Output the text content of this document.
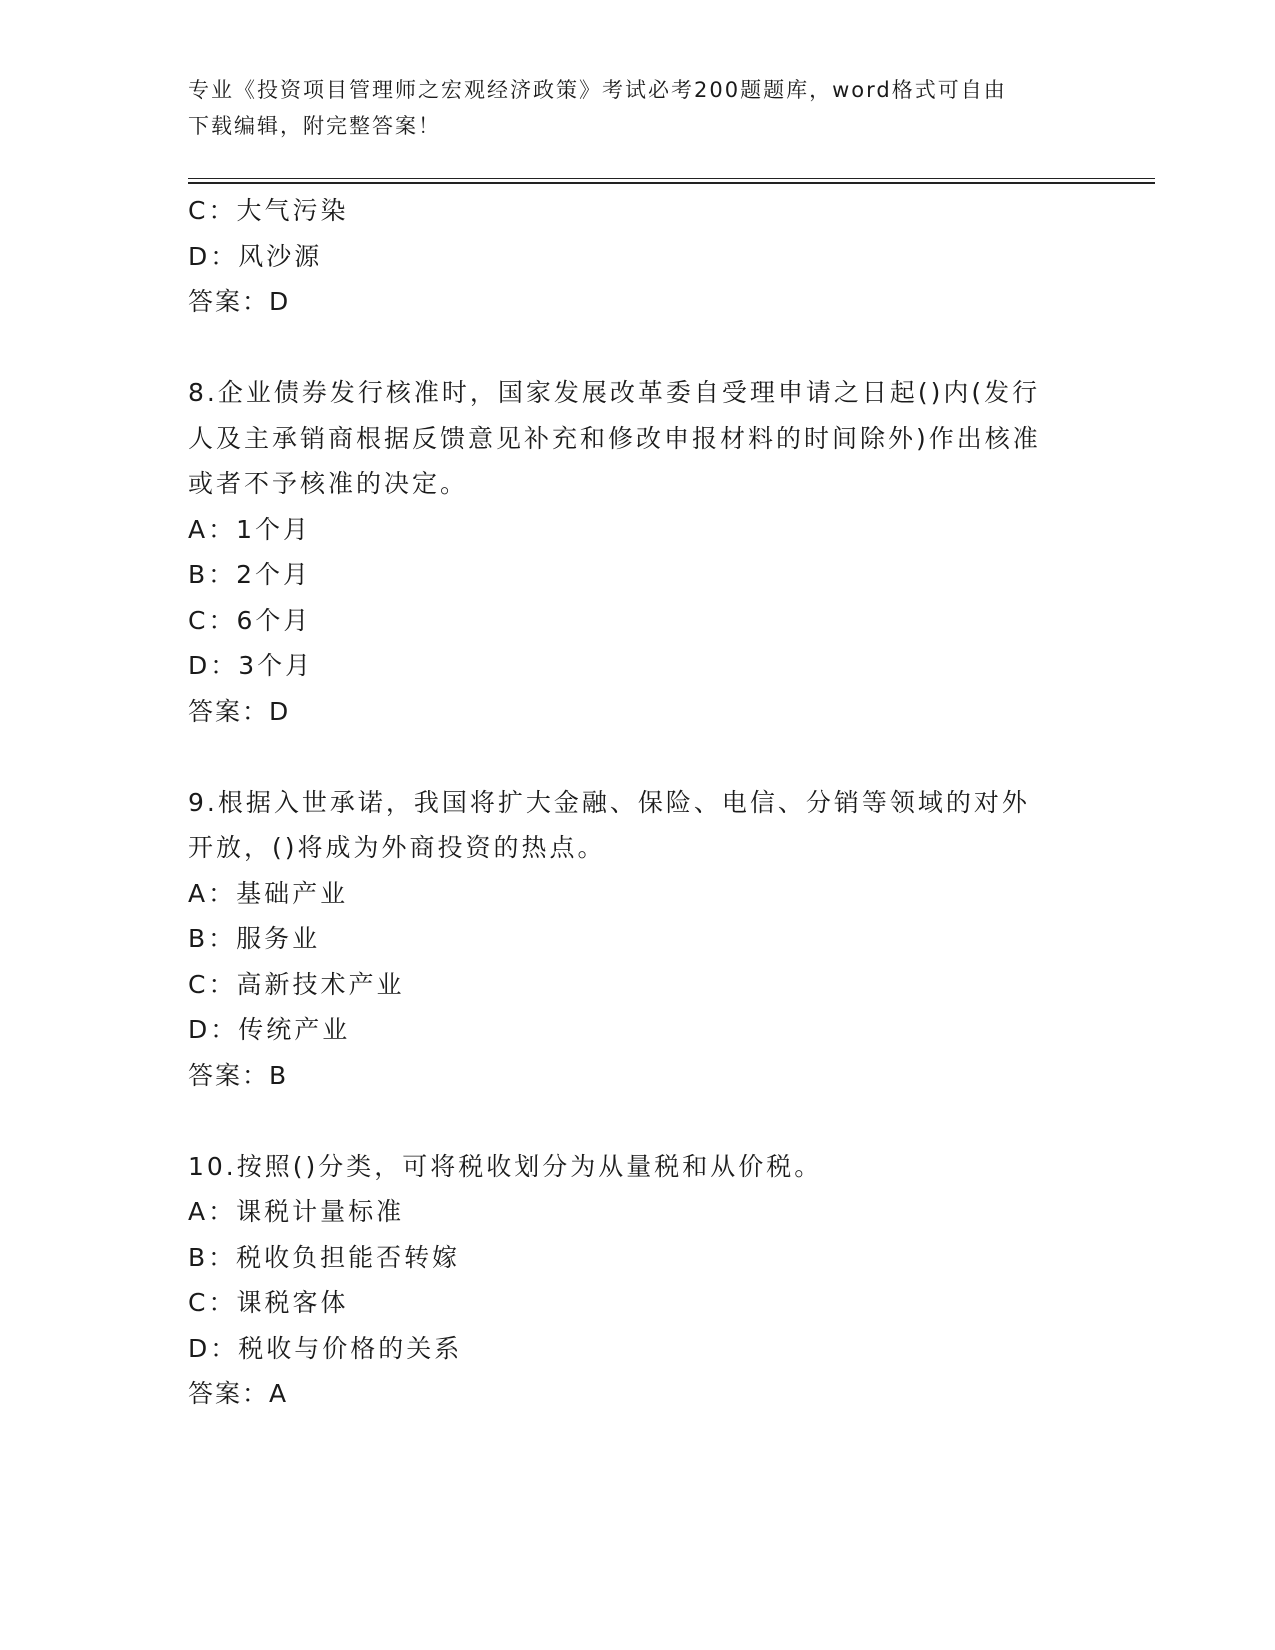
专业《投资项目管理师之宏观经济政策》考试必考200题题库，word格式可自由
下载编辑，附完整答案！
C：大气污染
D：风沙源
答案：D
8.企业债券发行核准时，国家发展改革委自受理申请之日起()内(发行
人及主承销商根据反馈意见补充和修改申报材料的时间除外)作出核准
或者不予核准的决定。
A：1个月
B：2个月
C：6个月
D：3个月
答案：D
9.根据入世承诺，我国将扩大金融、保险、电信、分销等领域的对外
开放，()将成为外商投资的热点。
A：基础产业
B：服务业
C：高新技术产业
D：传统产业
答案：B
10.按照()分类，可将税收划分为从量税和从价税。
A：课税计量标准
B：税收负担能否转嫁
C：课税客体
D：税收与价格的关系
答案：A
